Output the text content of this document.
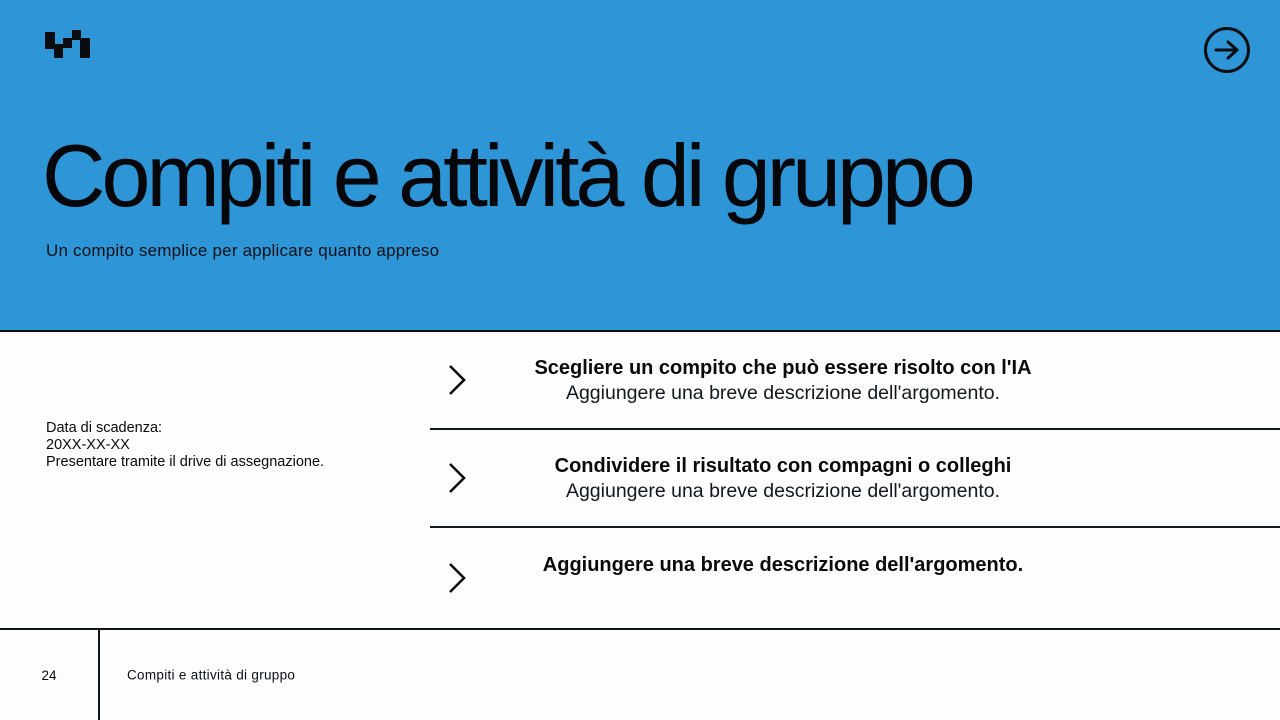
Compiti e attività di gruppo
Un compito semplice per applicare quanto appreso
Data di scadenza:
20XX-XX-XX
Presentare tramite il drive di assegnazione.
Scegliere un compito che può essere risolto con l'IA
Aggiungere una breve descrizione dell'argomento.
Condividere il risultato con compagni o colleghi
Aggiungere una breve descrizione dell'argomento.
Aggiungere una breve descrizione dell'argomento.
24	Compiti e attività di gruppo
